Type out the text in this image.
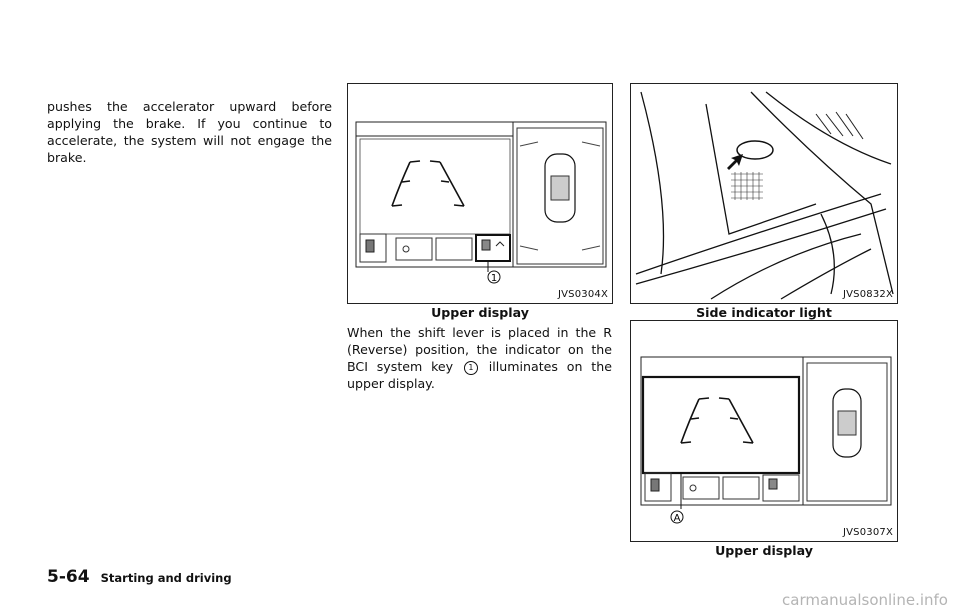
pushes the accelerator upward before applying the brake. If you continue to accelerate, the system will not engage the brake.
1
JVS0304X
Upper display
When the shift lever is placed in the R (Reverse) position, the indicator on the BCI system key 1 illuminates on the upper display.
JVS0832X
Side indicator light
A
JVS0307X
Upper display
5-64 Starting and driving
carmanualsonline.info
